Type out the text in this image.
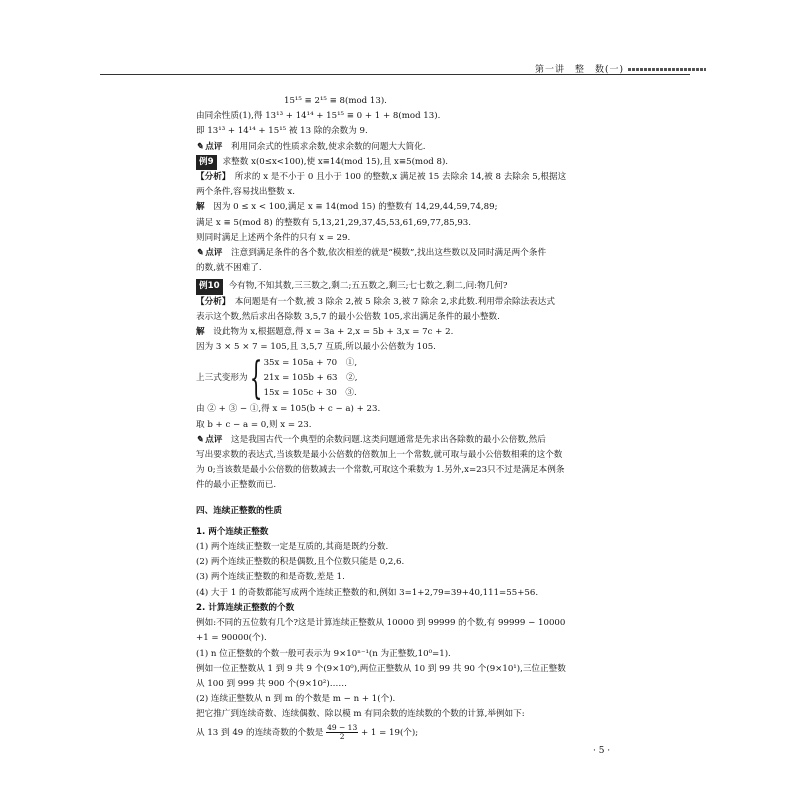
第一讲　整　数(一)
15¹⁵ ≡ 2¹⁵ ≡ 8(mod 13).
由同余性质(1),得 13¹³ + 14¹⁴ + 15¹⁵ ≡ 0 + 1 + 8(mod 13).
即 13¹³ + 14¹⁴ + 15¹⁵ 被 13 除的余数为 9.
✎ 点评　 利用同余式的性质求余数,使求余数的问题大大简化.
例9 求整数 x(0≤x<100),使 x≡14(mod 15),且 x≡5(mod 8).
【分析】　 所求的 x 是不小于 0 且小于 100 的整数,x 满足被 15 去除余 14,被 8 去除余 5,根据这
两个条件,容易找出整数 x.
解　 因为 0 ≤ x < 100,满足 x ≡ 14(mod 15) 的整数有 14,29,44,59,74,89;
满足 x ≡ 5(mod 8) 的整数有 5,13,21,29,37,45,53,61,69,77,85,93.
则同时满足上述两个条件的只有 x = 29.
✎ 点评　 注意到满足条件的各个数,依次相差的就是“模数”,找出这些数以及同时满足两个条件
的数,就不困难了.
例10 今有物,不知其数,三三数之,剩二;五五数之,剩三;七七数之,剩二,问:物几何?
【分析】　 本问题是有一个数,被 3 除余 2,被 5 除余 3,被 7 除余 2,求此数.利用带余除法表达式
表示这个数,然后求出各除数 3,5,7 的最小公倍数 105,求出满足条件的最小整数.
解　 设此物为 x,根据题意,得 x = 3a + 2,x = 5b + 3,x = 7c + 2.
因为 3 × 5 × 7 = 105,且 3,5,7 互质,所以最小公倍数为 105.
上三式变形为 { 35x = 105a + 70　①,
21x = 105b + 63　②,
15x = 105c + 30　③.
由 ② + ③ − ①,得 x = 105(b + c − a) + 23.
取 b + c − a = 0,则 x = 23.
✎ 点评　 这是我国古代一个典型的余数问题.这类问题通常是先求出各除数的最小公倍数,然后
写出要求数的表达式,当该数是最小公倍数的倍数加上一个常数,就可取与最小公倍数相乘的这个数
为 0;当该数是最小公倍数的倍数减去一个常数,可取这个乘数为 1.另外,x=23只不过是满足本例条
件的最小正整数而已.
四、连续正整数的性质
1. 两个连续正整数
(1) 两个连续正整数一定是互质的,其商是既约分数.
(2) 两个连续正整数的积是偶数,且个位数只能是 0,2,6.
(3) 两个连续正整数的和是奇数,差是 1.
(4) 大于 1 的奇数都能写成两个连续正整数的和,例如 3=1+2,79=39+40,111=55+56.
2. 计算连续正整数的个数
例如:不同的五位数有几个?这是计算连续正整数从 10000 到 99999 的个数,有 99999 − 10000
+1 = 90000(个).
(1) n 位正整数的个数一般可表示为 9×10ⁿ⁻¹(n 为正整数,10⁰=1).
例如一位正整数从 1 到 9 共 9 个(9×10⁰),两位正整数从 10 到 99 共 90 个(9×10¹),三位正整数
从 100 到 999 共 900 个(9×10²)……
(2) 连续正整数从 n 到 m 的个数是 m − n + 1(个).
把它推广到连续奇数、连续偶数、除以模 m 有同余数的连续数的个数的计算,举例如下:
从 13 到 49 的连续奇数的个数是 $\frac{49 - 13}{2} + 1 = 19$(个);
· 5 ·
